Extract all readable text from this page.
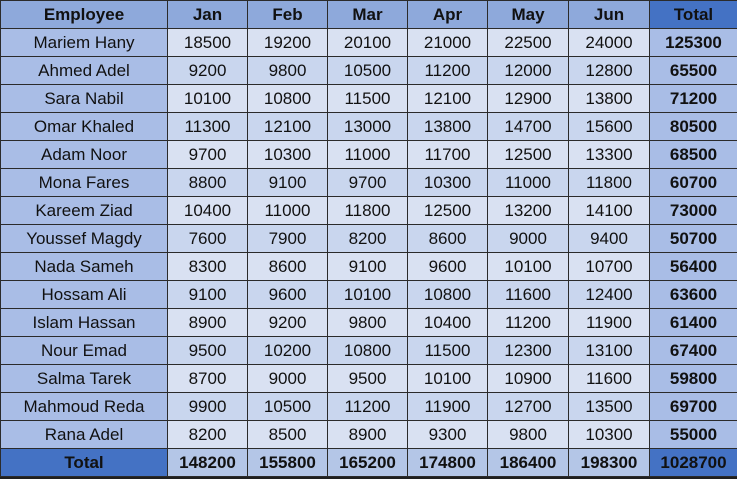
Employee	Jan	Feb	Mar	Apr	May	Jun	Total
Mariem Hany	18500	19200	20100	21000	22500	24000	125300
Ahmed Adel	9200	9800	10500	11200	12000	12800	65500
Sara Nabil	10100	10800	11500	12100	12900	13800	71200
Omar Khaled	11300	12100	13000	13800	14700	15600	80500
Adam Noor	9700	10300	11000	11700	12500	13300	68500
Mona Fares	8800	9100	9700	10300	11000	11800	60700
Kareem Ziad	10400	11000	11800	12500	13200	14100	73000
Youssef Magdy	7600	7900	8200	8600	9000	9400	50700
Nada Sameh	8300	8600	9100	9600	10100	10700	56400
Hossam Ali	9100	9600	10100	10800	11600	12400	63600
Islam Hassan	8900	9200	9800	10400	11200	11900	61400
Nour Emad	9500	10200	10800	11500	12300	13100	67400
Salma Tarek	8700	9000	9500	10100	10900	11600	59800
Mahmoud Reda	9900	10500	11200	11900	12700	13500	69700
Rana Adel	8200	8500	8900	9300	9800	10300	55000
Total	148200	155800	165200	174800	186400	198300	1028700
